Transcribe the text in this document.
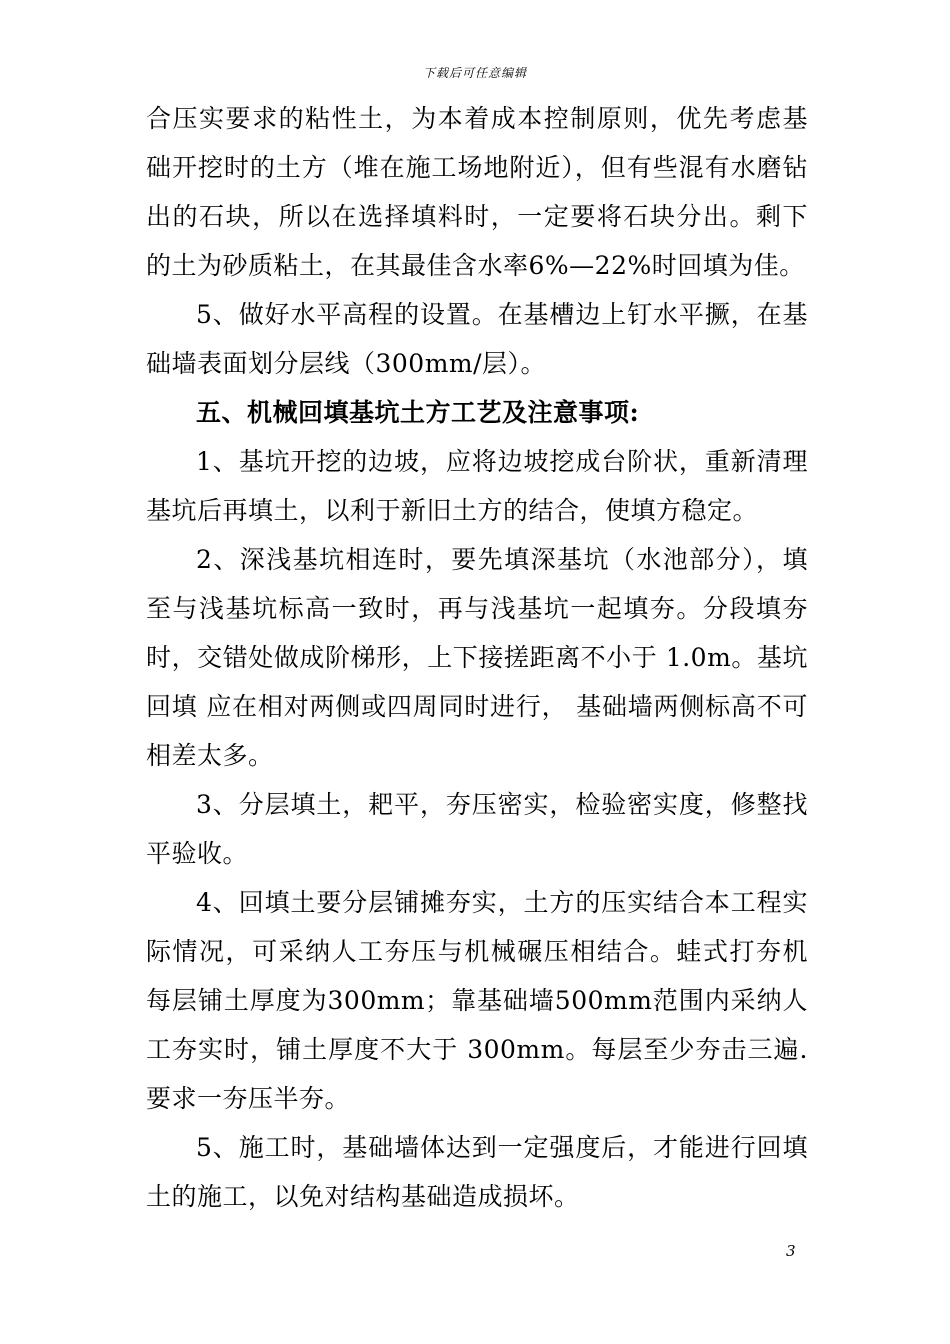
下载后可任意编辑

合压实要求的粘性土，为本着成本控制原则，优先考虑基础开挖时的土方（堆在施工场地附近），但有些混有水磨钻出的石块，所以在选择填料时，一定要将石块分出。剩下的土为砂质粘土，在其最佳含水率6%—22%时回填为佳。

5、做好水平高程的设置。在基槽边上钉水平撅，在基础墙表面划分层线（300mm/层）。

五、机械回填基坑土方工艺及注意事项:

1、基坑开挖的边坡，应将边坡挖成台阶状，重新清理基坑后再填土，以利于新旧土方的结合，使填方稳定。

2、深浅基坑相连时，要先填深基坑（水池部分），填至与浅基坑标高一致时，再与浅基坑一起填夯。分段填夯时，交错处做成阶梯形，上下接搓距离不小于 1.0m。基坑回填 应在相对两侧或四周同时进行， 基础墙两侧标高不可相差太多。

3、分层填土，耙平，夯压密实，检验密实度，修整找平验收。

4、回填土要分层铺摊夯实，土方的压实结合本工程实际情况，可采纳人工夯压与机械碾压相结合。蛙式打夯机每层铺土厚度为300mm；靠基础墙500mm范围内采纳人工夯实时，铺土厚度不大于 300mm。每层至少夯击三遍.要求一夯压半夯。

5、施工时，基础墙体达到一定强度后，才能进行回填土的施工，以免对结构基础造成损坏。

3
